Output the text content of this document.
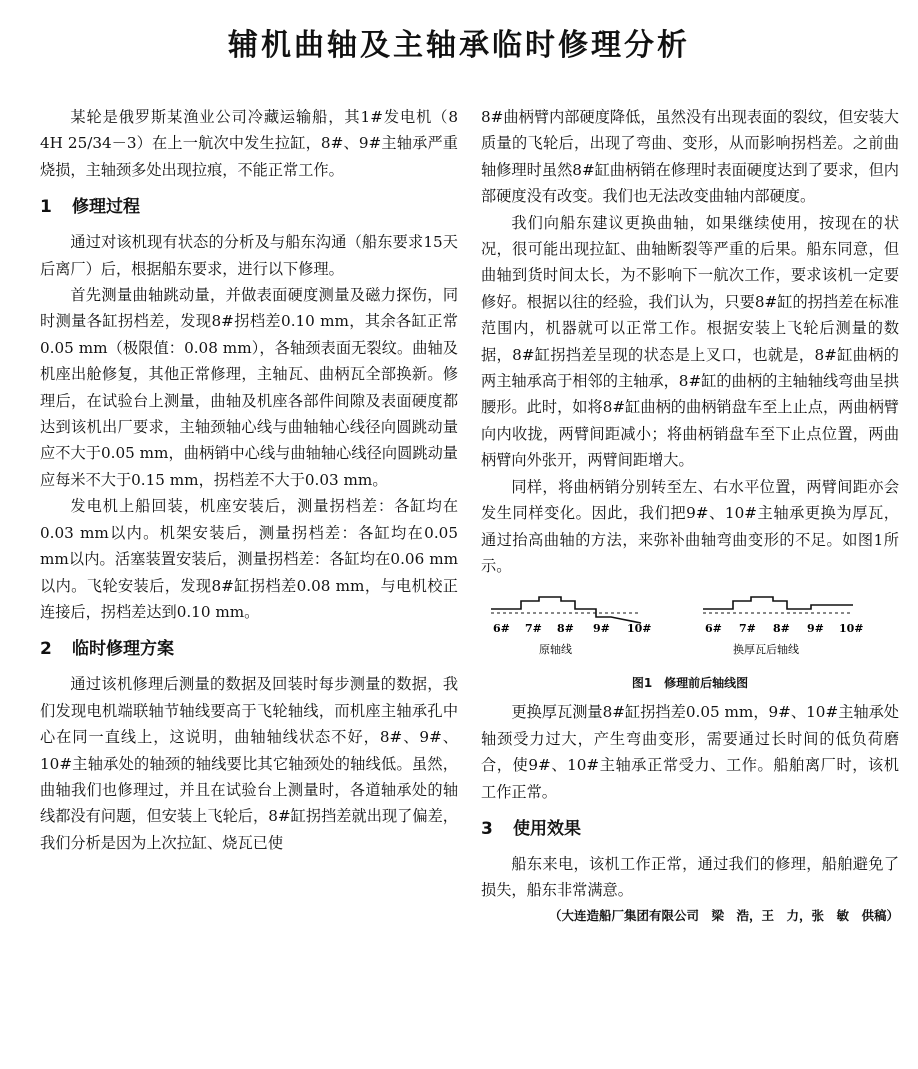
辅机曲轴及主轴承临时修理分析

某轮是俄罗斯某渔业公司冷藏运输船，其1#发电机（8 4H 25/34－3）在上一航次中发生拉缸，8#、9#主轴承严重烧损，主轴颈多处出现拉痕，不能正常工作。

1 修理过程

通过对该机现有状态的分析及与船东沟通（船东要求15天后离厂）后，根据船东要求，进行以下修理。

首先测量曲轴跳动量，并做表面硬度测量及磁力探伤，同时测量各缸拐档差，发现8#拐档差0.10 mm，其余各缸正常0.05 mm（极限值：0.08 mm），各轴颈表面无裂纹。曲轴及机座出舱修复，其他正常修理，主轴瓦、曲柄瓦全部换新。修理后，在试验台上测量，曲轴及机座各部件间隙及表面硬度都达到该机出厂要求，主轴颈轴心线与曲轴轴心线径向圆跳动量应不大于0.05 mm，曲柄销中心线与曲轴轴心线径向圆跳动量应每米不大于0.15 mm，拐档差不大于0.03 mm。

发电机上船回装，机座安装后，测量拐档差：各缸均在0.03 mm以内。机架安装后，测量拐档差：各缸均在0.05 mm以内。活塞装置安装后，测量拐档差：各缸均在0.06 mm以内。飞轮安装后，发现8#缸拐档差0.08 mm，与电机校正连接后，拐档差达到0.10 mm。

2 临时修理方案

通过该机修理后测量的数据及回装时每步测量的数据，我们发现电机端联轴节轴线要高于飞轮轴线，而机座主轴承孔中心在同一直线上，这说明，曲轴轴线状态不好，8#、9#、10#主轴承处的轴颈的轴线要比其它轴颈处的轴线低。虽然，曲轴我们也修理过，并且在试验台上测量时，各道轴承处的轴线都没有问题，但安装上飞轮后，8#缸拐挡差就出现了偏差，我们分析是因为上次拉缸、烧瓦已使

8#曲柄臂内部硬度降低，虽然没有出现表面的裂纹，但安装大质量的飞轮后，出现了弯曲、变形，从而影响拐档差。之前曲轴修理时虽然8#缸曲柄销在修理时表面硬度达到了要求，但内部硬度没有改变。我们也无法改变曲轴内部硬度。

我们向船东建议更换曲轴，如果继续使用，按现在的状况，很可能出现拉缸、曲轴断裂等严重的后果。船东同意，但曲轴到货时间太长，为不影响下一航次工作，要求该机一定要修好。根据以往的经验，我们认为，只要8#缸的拐挡差在标准范围内，机器就可以正常工作。根据安装上飞轮后测量的数据，8#缸拐挡差呈现的状态是上叉口，也就是，8#缸曲柄的两主轴承高于相邻的主轴承，8#缸的曲柄的主轴轴线弯曲呈拱腰形。此时，如将8#缸曲柄的曲柄销盘车至上止点，两曲柄臂向内收拢，两臂间距减小；将曲柄销盘车至下止点位置，两曲柄臂向外张开，两臂间距增大。

同样，将曲柄销分别转至左、右水平位置，两臂间距亦会发生同样变化。因此，我们把9#、10#主轴承更换为厚瓦，通过抬高曲轴的方法，来弥补曲轴弯曲变形的不足。如图1所示。

6# 7# 8# 9# 10#
原轴线
6# 7# 8# 9# 10#
换厚瓦后轴线
图1　修理前后轴线图

更换厚瓦测量8#缸拐挡差0.05 mm，9#、10#主轴承处轴颈受力过大，产生弯曲变形，需要通过长时间的低负荷磨合，使9#、10#主轴承正常受力、工作。船舶离厂时，该机工作正常。

3 使用效果

船东来电，该机工作正常，通过我们的修理，船舶避免了损失，船东非常满意。

（大连造船厂集团有限公司　梁　浩，王　力，张　敏　供稿）
